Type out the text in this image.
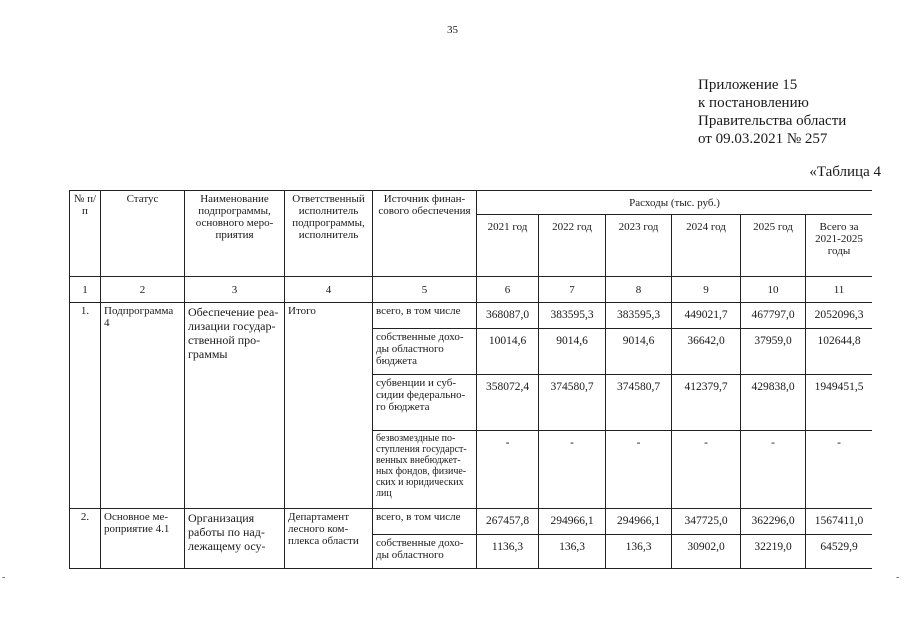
35
Приложение 15
к постановлению
Правительства области
от 09.03.2021 № 257
«Таблица 4
-	-
№ п/п	Статус	Наименование подпрограммы, основного меро-приятия	Ответственный исполнитель подпрограммы, исполнитель	Источник финан-сового обеспечения	Расходы (тыс. руб.)					
					2021 год	2022 год	2023 год	2024 год	2025 год	Всего за 2021-2025 годы
1	2	3	4	5	6	7	8	9	10	11
1.	Подпрограмма 4	Обеспечение реа-лизации государ-ственной про-граммы	Итого	всего, в том числе	368087,0	383595,3	383595,3	449021,7	467797,0	2052096,3
				собственные дохо-ды областного бюджета	10014,6	9014,6	9014,6	36642,0	37959,0	102644,8
				субвенции и суб-сидии федерально-го бюджета	358072,4	374580,7	374580,7	412379,7	429838,0	1949451,5
				безвозмездные по-ступления государст-венных внебюджет-ных фондов, физиче-ских и юридических лиц	-	-	-	-	-	-
2.	Основное ме-роприятие 4.1	Организация работы по над-лежащему осу-	Департамент лесного ком-плекса области	всего, в том числе	267457,8	294966,1	294966,1	347725,0	362296,0	1567411,0
				собственные дохо-ды областного	1136,3	136,3	136,3	30902,0	32219,0	64529,9
